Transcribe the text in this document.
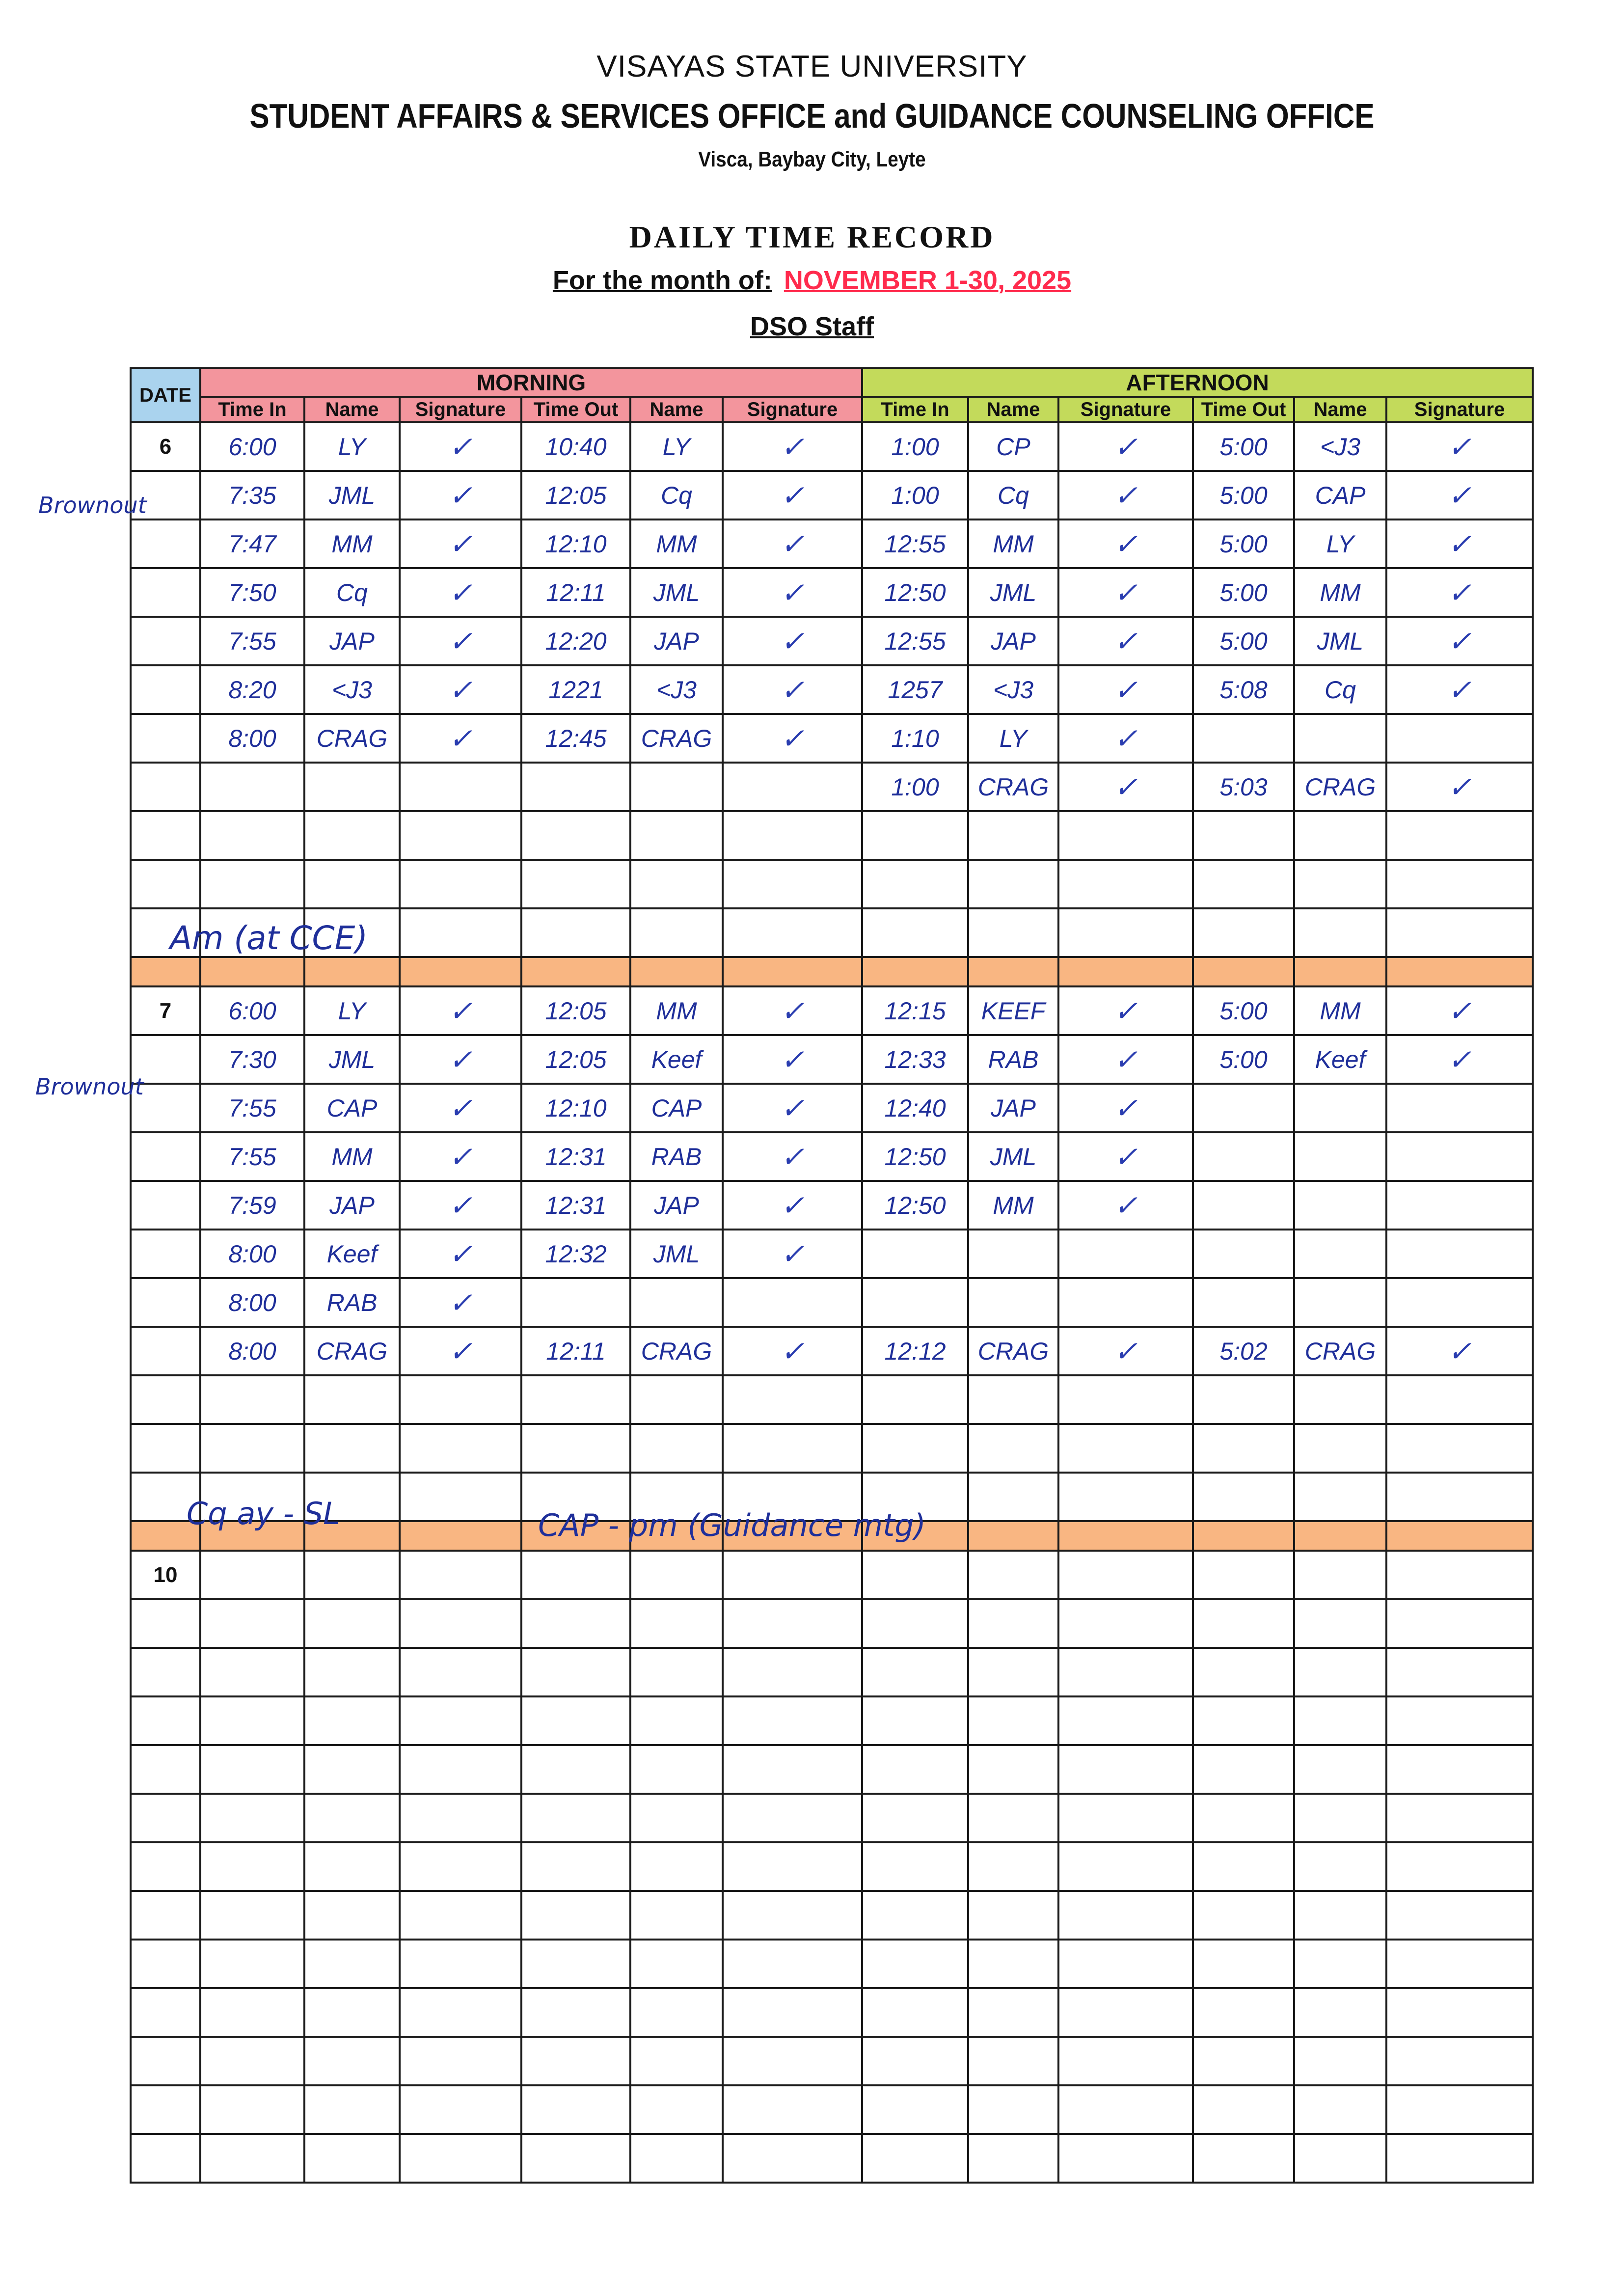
VISAYAS STATE UNIVERSITY
STUDENT AFFAIRS & SERVICES OFFICE and GUIDANCE COUNSELING OFFICE
Visca, Baybay City, Leyte
DAILY TIME RECORD
For the month of: NOVEMBER 1-30, 2025
DSO Staff
DATE	MORNING						AFTERNOON					
	Time In	Name	Signature	Time Out	Name	Signature	Time In	Name	Signature	Time Out	Name	Signature
6	6:00	LY	✓	10:40	LY	✓	1:00	CP	✓	5:00	<J3	✓
	7:35	JML	✓	12:05	Cq	✓	1:00	Cq	✓	5:00	CAP	✓
	7:47	MM	✓	12:10	MM	✓	12:55	MM	✓	5:00	LY	✓
	7:50	Cq	✓	12:11	JML	✓	12:50	JML	✓	5:00	MM	✓
	7:55	JAP	✓	12:20	JAP	✓	12:55	JAP	✓	5:00	JML	✓
	8:20	<J3	✓	1221	<J3	✓	1257	<J3	✓	5:08	Cq	✓
	8:00	CRAG	✓	12:45	CRAG	✓	1:10	LY	✓			
							1:00	CRAG	✓	5:03	CRAG	✓

7	6:00	LY	✓	12:05	MM	✓	12:15	KEEF	✓	5:00	MM	✓
	7:30	JML	✓	12:05	Keef	✓	12:33	RAB	✓	5:00	Keef	✓
	7:55	CAP	✓	12:10	CAP	✓	12:40	JAP	✓			
	7:55	MM	✓	12:31	RAB	✓	12:50	JML	✓			
	7:59	JAP	✓	12:31	JAP	✓	12:50	MM	✓			
	8:00	Keef	✓	12:32	JML	✓						
	8:00	RAB	✓									
	8:00	CRAG	✓	12:11	CRAG	✓	12:12	CRAG	✓	5:02	CRAG	✓

10												

Brownout
Am (at CCE)
Brownout
Cq ay - SL	CAP - pm (Guidance mtg)
